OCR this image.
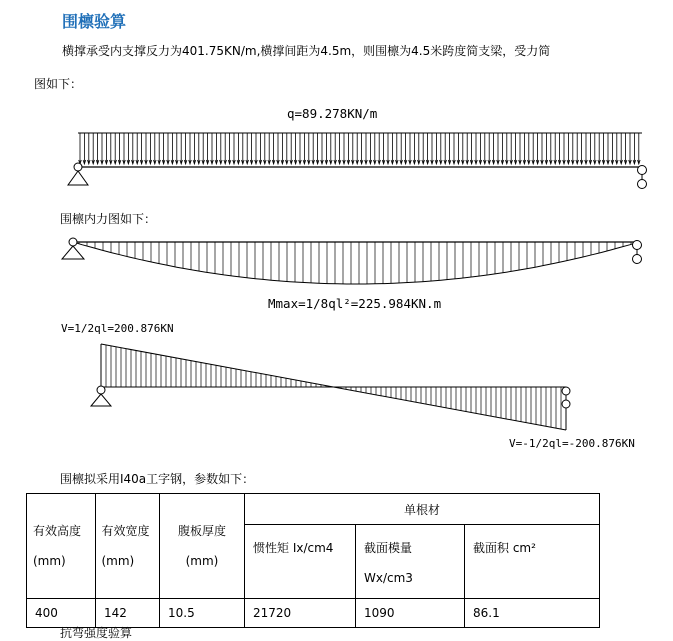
围檩验算
横撑承受内支撑反力为401.75KN/m,横撑间距为4.5m，则围檩为4.5米跨度简支梁，受力简
图如下：
q=89.278KN/m
围檩内力图如下：
Mmax=1/8ql²=225.984KN.m
V=1/2ql=200.876KN
V=-1/2ql=-200.876KN
围檩拟采用Ⅰ40a工字钢，参数如下：
有效高度(mm)	有效宽度(mm)	腹板厚度(mm)	单根材		
			惯性矩 Ix/cm4	截面模量 Wx/cm3	截面积 cm²
400	142	10.5	21720	1090	86.1
抗弯强度验算
